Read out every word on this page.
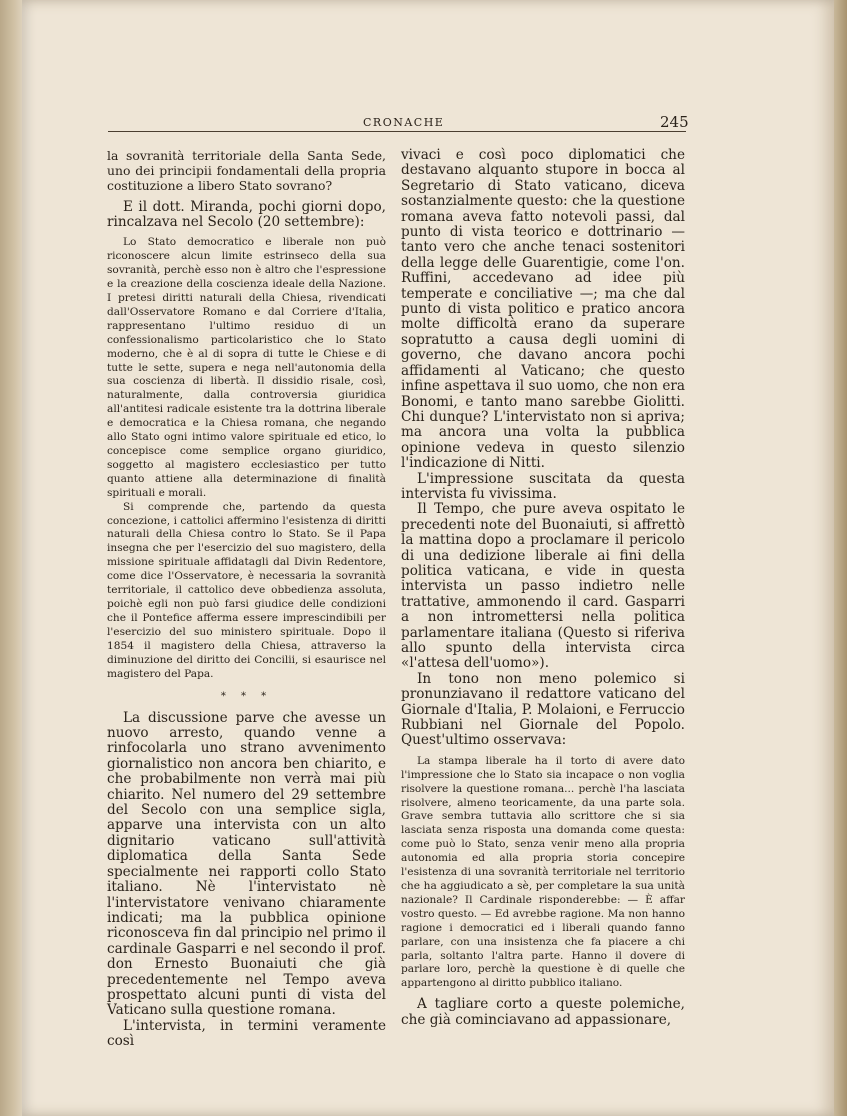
CRONACHE	245

la sovranità territoriale della Santa Sede, uno dei principii fondamentali della propria costituzione a libero Stato sovrano?

E il dott. Miranda, pochi giorni dopo, rincalzava nel Secolo (20 settembre):

Lo Stato democratico e liberale non può riconoscere alcun limite estrinseco della sua sovranità, perchè esso non è altro che l'espressione e la creazione della coscienza ideale della Nazione. I pretesi diritti naturali della Chiesa, rivendicati dall'Osservatore Romano e dal Corriere d'Italia, rappresentano l'ultimo residuo di un confessionalismo particolaristico che lo Stato moderno, che è al di sopra di tutte le Chiese e di tutte le sette, supera e nega nell'autonomia della sua coscienza di libertà. Il dissidio risale, così, naturalmente, dalla controversia giuridica all'antitesi radicale esistente tra la dottrina liberale e democratica e la Chiesa romana, che negando allo Stato ogni intimo valore spirituale ed etico, lo concepisce come semplice organo giuridico, soggetto al magistero ecclesiastico per tutto quanto attiene alla determinazione di finalità spirituali e morali.

Si comprende che, partendo da questa concezione, i cattolici affermino l'esistenza di diritti naturali della Chiesa contro lo Stato. Se il Papa insegna che per l'esercizio del suo magistero, della missione spirituale affidatagli dal Divin Redentore, come dice l'Osservatore, è necessaria la sovranità territoriale, il cattolico deve obbedienza assoluta, poichè egli non può farsi giudice delle condizioni che il Pontefice afferma essere imprescindibili per l'esercizio del suo ministero spirituale. Dopo il 1854 il magistero della Chiesa, attraverso la diminuzione del diritto dei Concilii, si esaurisce nel magistero del Papa.

* * *

La discussione parve che avesse un nuovo arresto, quando venne a rinfocolarla uno strano avvenimento giornalistico non ancora ben chiarito, e che probabilmente non verrà mai più chiarito. Nel numero del 29 settembre del Secolo con una semplice sigla, apparve una intervista con un alto dignitario vaticano sull'attività diplomatica della Santa Sede specialmente nei rapporti collo Stato italiano. Nè l'intervistato nè l'intervistatore venivano chiaramente indicati; ma la pubblica opinione riconosceva fin dal principio nel primo il cardinale Gasparri e nel secondo il prof. don Ernesto Buonaiuti che già precedentemente nel Tempo aveva prospettato alcuni punti di vista del Vaticano sulla questione romana.

L'intervista, in termini veramente così

vivaci e così poco diplomatici che destavano alquanto stupore in bocca al Segretario di Stato vaticano, diceva sostanzialmente questo: che la questione romana aveva fatto notevoli passi, dal punto di vista teorico e dottrinario — tanto vero che anche tenaci sostenitori della legge delle Guarentigie, come l'on. Ruffini, accedevano ad idee più temperate e conciliative —; ma che dal punto di vista politico e pratico ancora molte difficoltà erano da superare sopratutto a causa degli uomini di governo, che davano ancora pochi affidamenti al Vaticano; che questo infine aspettava il suo uomo, che non era Bonomi, e tanto mano sarebbe Giolitti. Chi dunque? L'intervistato non si apriva; ma ancora una volta la pubblica opinione vedeva in questo silenzio l'indicazione di Nitti.

L'impressione suscitata da questa intervista fu vivissima.

Il Tempo, che pure aveva ospitato le precedenti note del Buonaiuti, si affrettò la mattina dopo a proclamare il pericolo di una dedizione liberale ai fini della politica vaticana, e vide in questa intervista un passo indietro nelle trattative, ammonendo il card. Gasparri a non intromettersi nella politica parlamentare italiana (Questo si riferiva allo spunto della intervista circa «l'attesa dell'uomo»).

In tono non meno polemico si pronunziavano il redattore vaticano del Giornale d'Italia, P. Molaioni, e Ferruccio Rubbiani nel Giornale del Popolo. Quest'ultimo osservava:

La stampa liberale ha il torto di avere dato l'impressione che lo Stato sia incapace o non voglia risolvere la questione romana... perchè l'ha lasciata risolvere, almeno teoricamente, da una parte sola. Grave sembra tuttavia allo scrittore che si sia lasciata senza risposta una domanda come questa: come può lo Stato, senza venir meno alla propria autonomia ed alla propria storia concepire l'esistenza di una sovranità territoriale nel territorio che ha aggiudicato a sè, per completare la sua unità nazionale? Il Cardinale risponderebbe: — È affar vostro questo. — Ed avrebbe ragione. Ma non hanno ragione i democratici ed i liberali quando fanno parlare, con una insistenza che fa piacere a chi parla, soltanto l'altra parte. Hanno il dovere di parlare loro, perchè la questione è di quelle che appartengono al diritto pubblico italiano.

A tagliare corto a queste polemiche, che già cominciavano ad appassionare,
